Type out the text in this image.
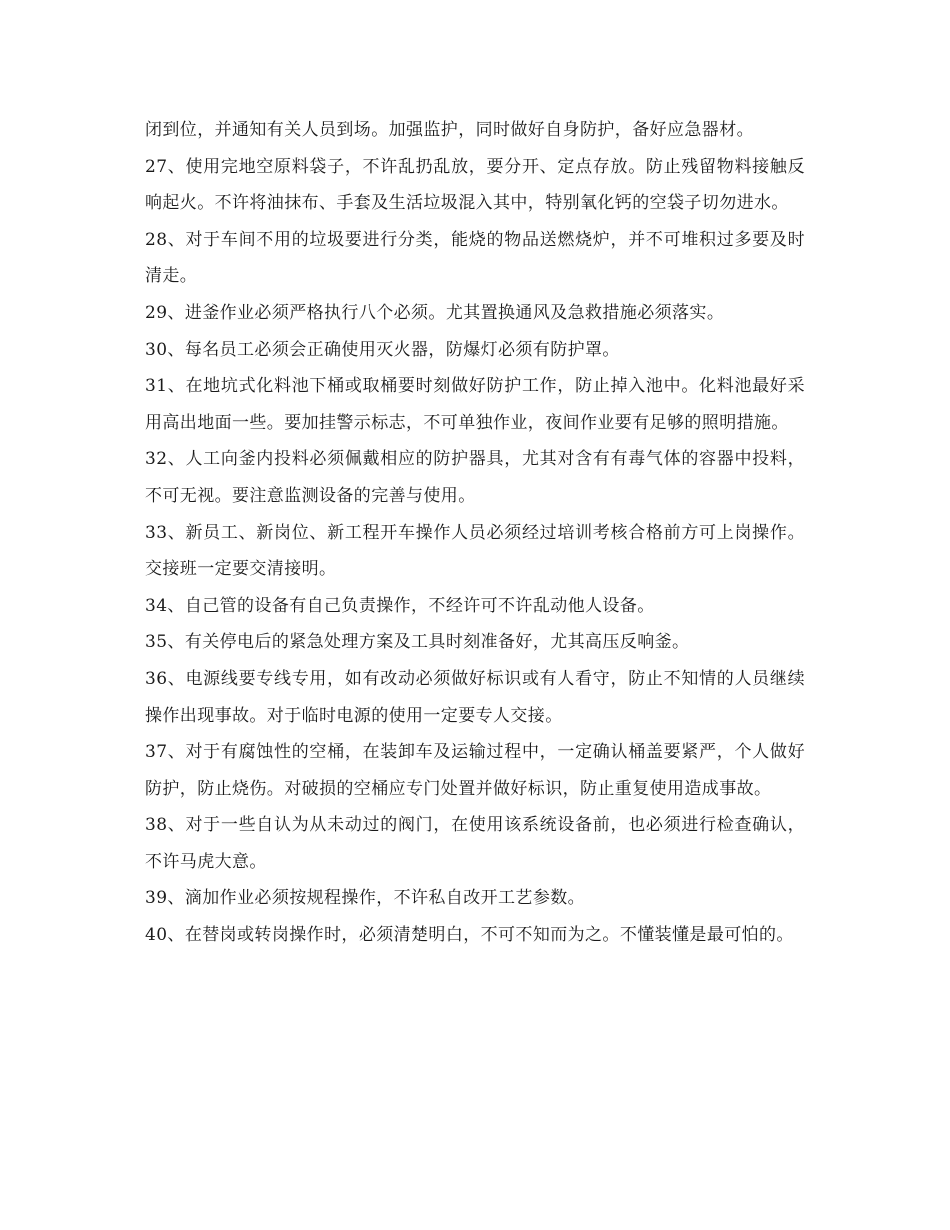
闭到位，并通知有关人员到场。加强监护，同时做好自身防护，备好应急器材。

27、使用完地空原料袋子，不许乱扔乱放，要分开、定点存放。防止残留物料接触反响起火。不许将油抹布、手套及生活垃圾混入其中，特别氧化钙的空袋子切勿进水。

28、对于车间不用的垃圾要进行分类，能烧的物品送燃烧炉，并不可堆积过多要及时清走。

29、进釜作业必须严格执行八个必须。尤其置换通风及急救措施必须落实。

30、每名员工必须会正确使用灭火器，防爆灯必须有防护罩。

31、在地坑式化料池下桶或取桶要时刻做好防护工作，防止掉入池中。化料池最好采用高出地面一些。要加挂警示标志，不可单独作业，夜间作业要有足够的照明措施。

32、人工向釜内投料必须佩戴相应的防护器具，尤其对含有有毒气体的容器中投料，不可无视。要注意监测设备的完善与使用。

33、新员工、新岗位、新工程开车操作人员必须经过培训考核合格前方可上岗操作。交接班一定要交清接明。

34、自己管的设备有自己负责操作，不经许可不许乱动他人设备。

35、有关停电后的紧急处理方案及工具时刻准备好，尤其高压反响釜。

36、电源线要专线专用，如有改动必须做好标识或有人看守，防止不知情的人员继续操作出现事故。对于临时电源的使用一定要专人交接。

37、对于有腐蚀性的空桶，在装卸车及运输过程中，一定确认桶盖要紧严，个人做好防护，防止烧伤。对破损的空桶应专门处置并做好标识，防止重复使用造成事故。

38、对于一些自认为从未动过的阀门，在使用该系统设备前，也必须进行检查确认，不许马虎大意。

39、滴加作业必须按规程操作，不许私自改开工艺参数。

40、在替岗或转岗操作时，必须清楚明白，不可不知而为之。不懂装懂是最可怕的。
